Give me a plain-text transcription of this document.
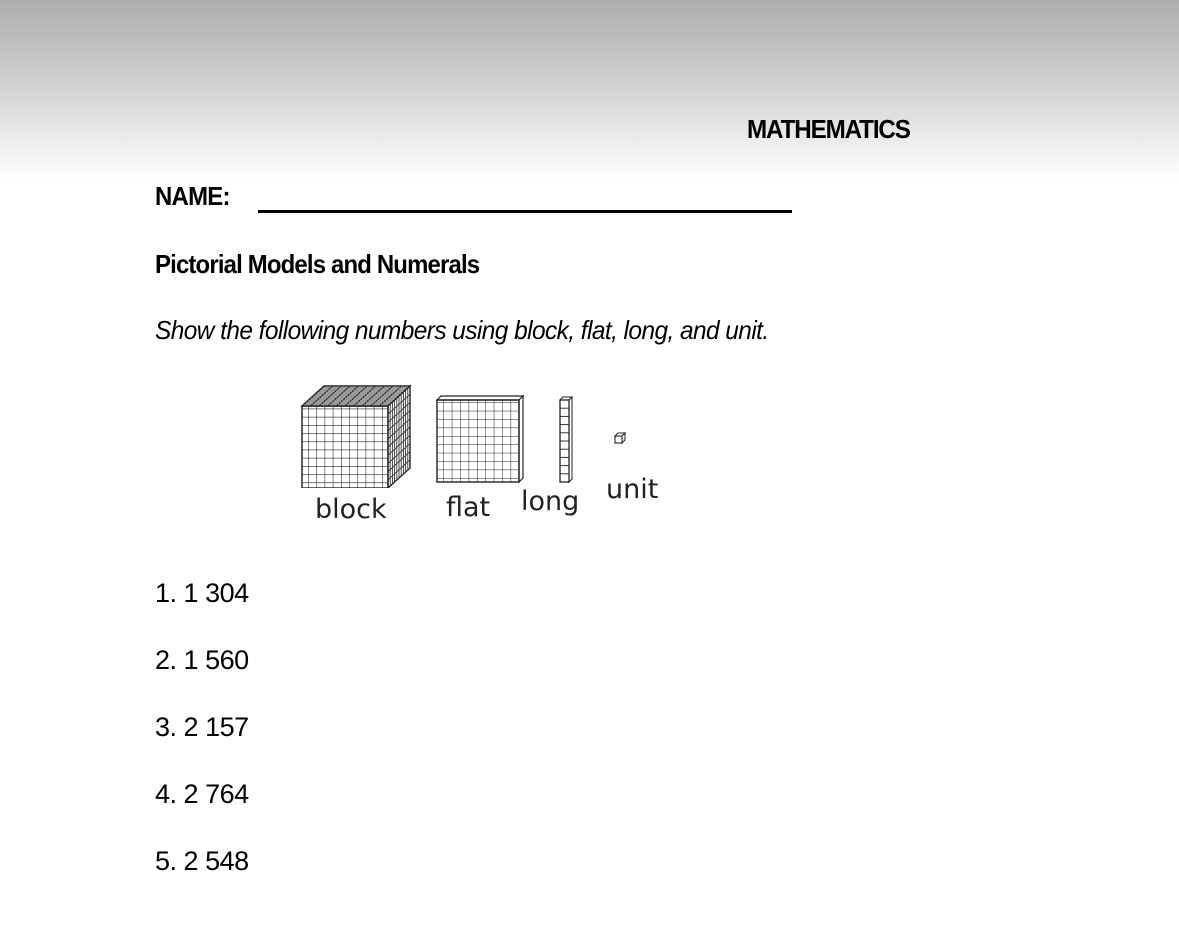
MATHEMATICS
NAME:
Pictorial Models and Numerals
Show the following numbers using block, flat, long, and unit.
block flat long unit
1. 1 304
2. 1 560
3. 2 157
4. 2 764
5. 2 548
